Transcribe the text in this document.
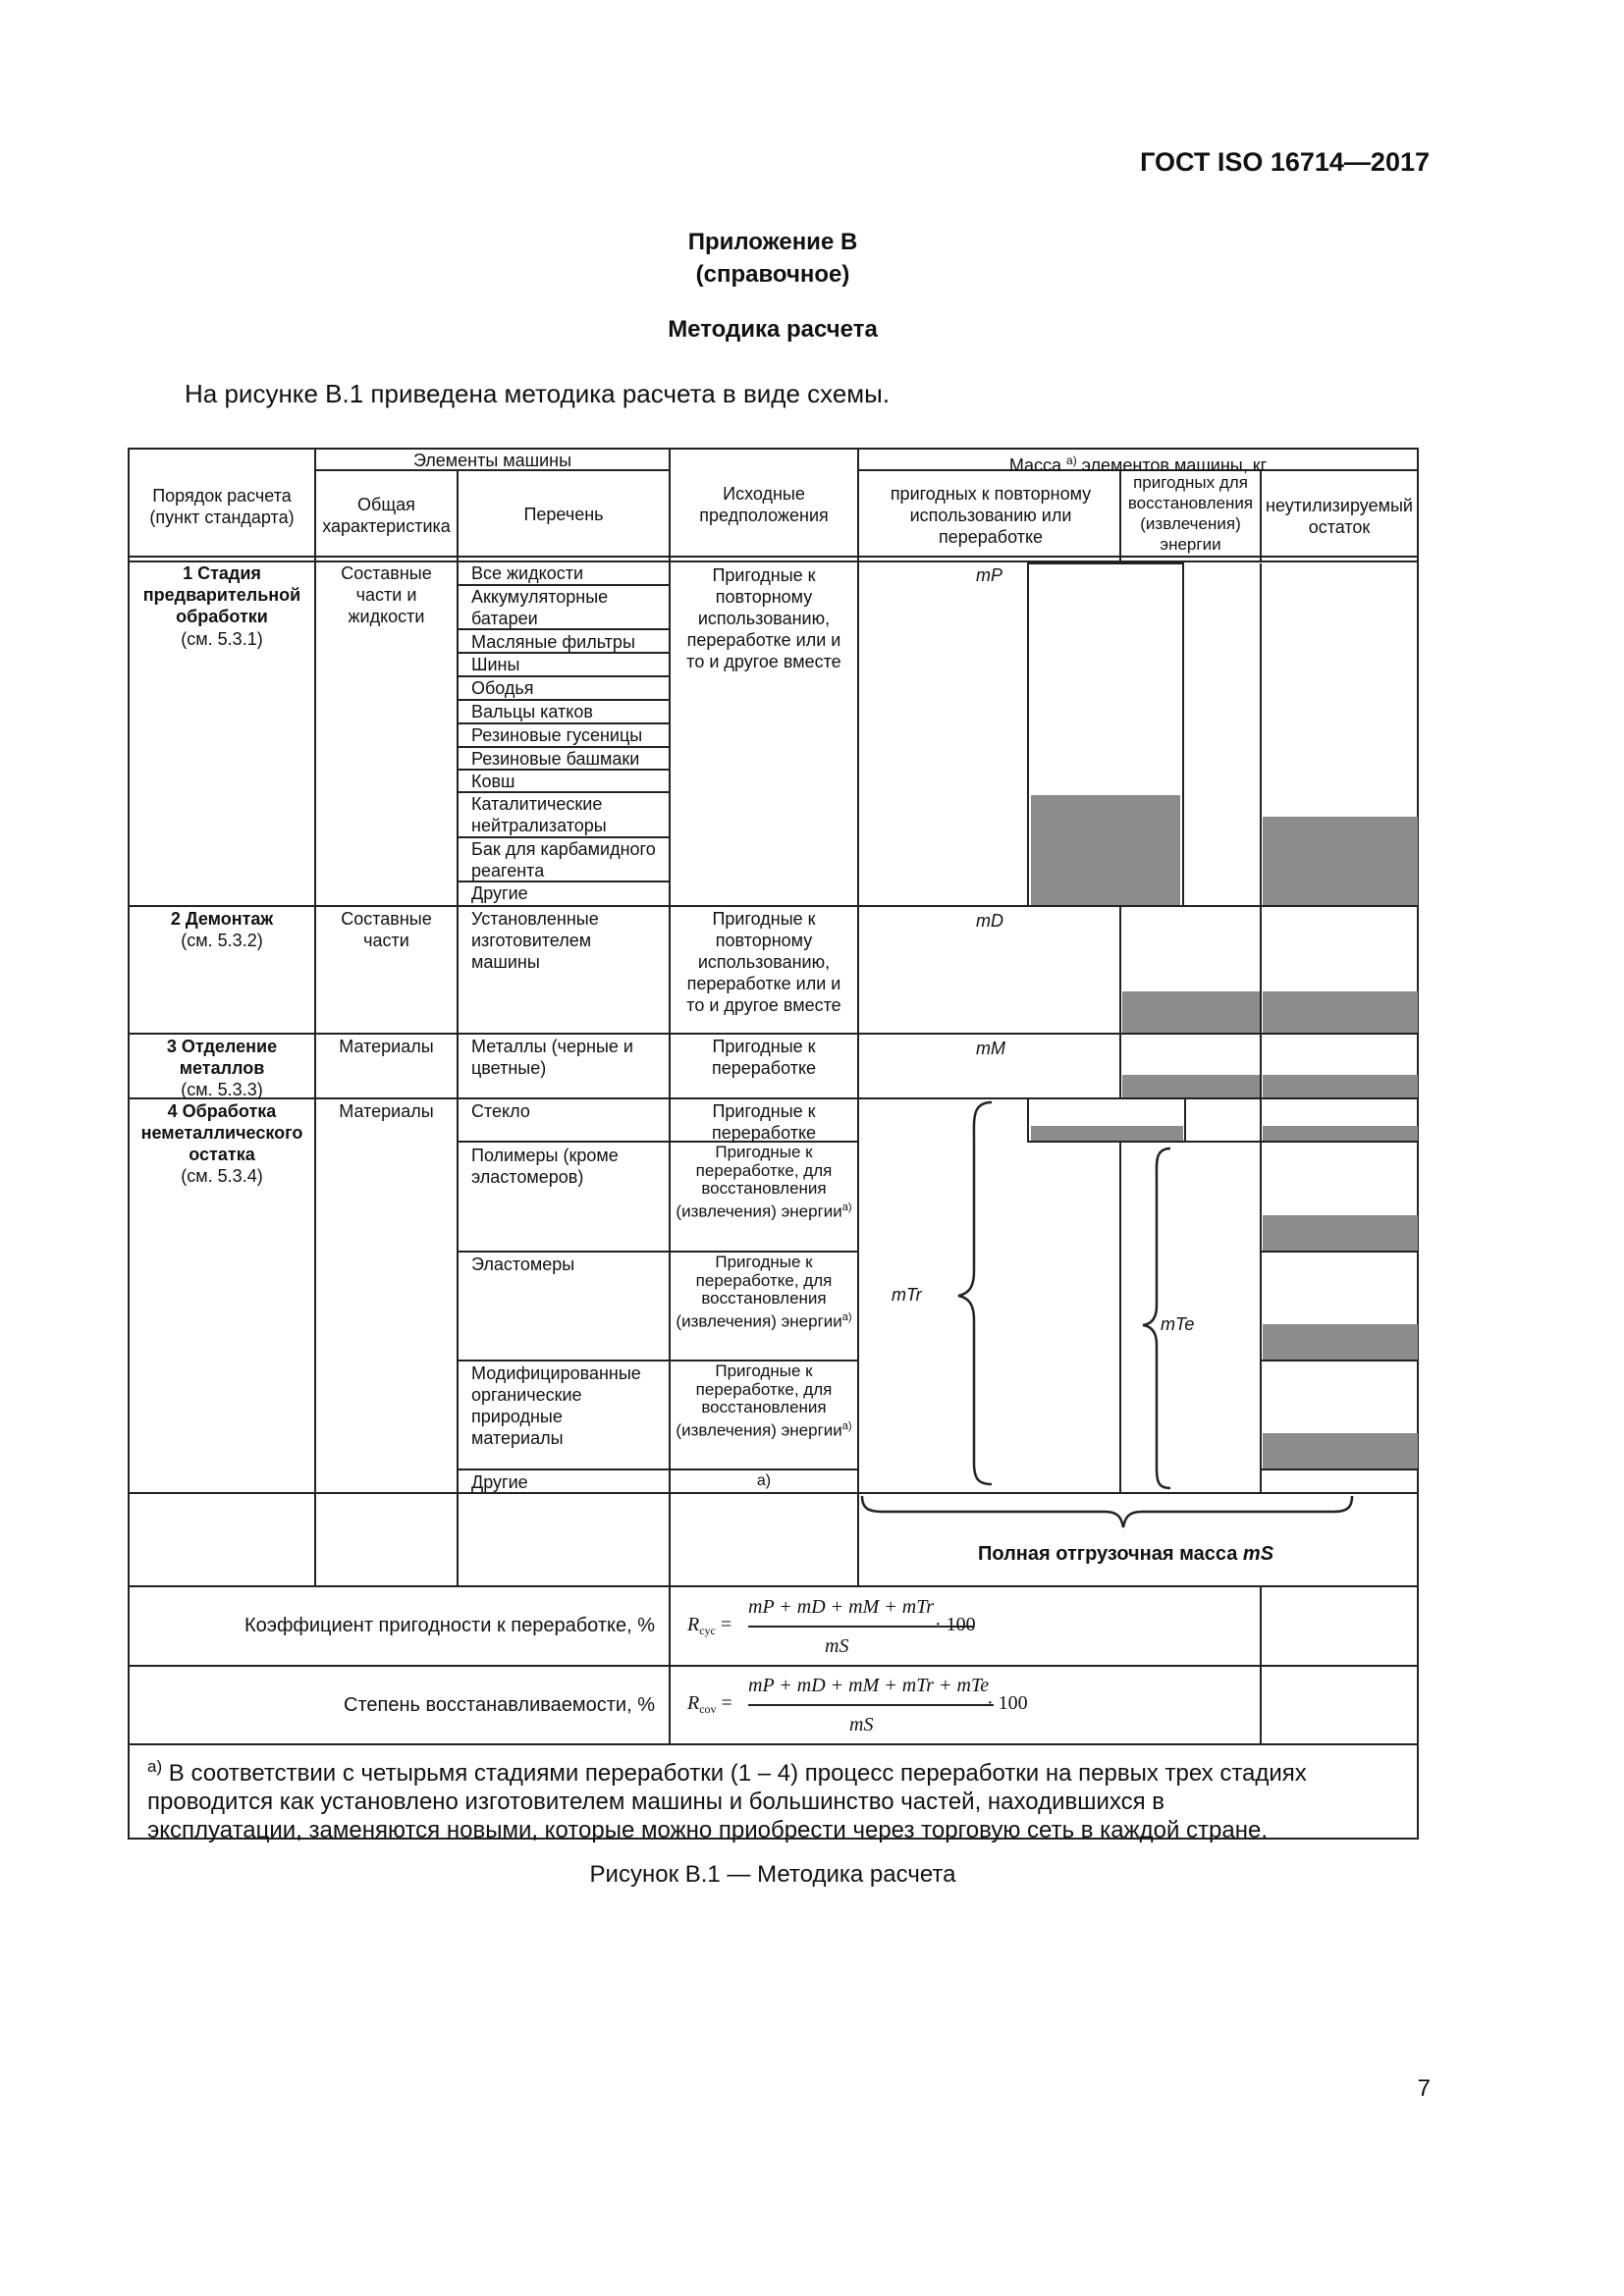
ГОСТ ISO 16714—2017
Приложение В
(справочное)
Методика расчета
На рисунке В.1 приведена методика расчета в виде схемы.
Порядок расчета (пункт стандарта)
Элементы машины
Общая характеристика
Перечень
Исходные предположения
Масса $^{а)}$ элементов машины, кг
пригодных к повторному использованию или переработке
пригодных для восстановления (извлечения) энергии
неутилизируемый остаток
1 Стадия предварительной обработки
(см. 5.3.1)
Составные части и жидкости
Все жидкости
Аккумуляторные батареи
Масляные фильтры
Шины
Ободья
Вальцы катков
Резиновые гусеницы
Резиновые башмаки
Ковш
Каталитические нейтрализаторы
Бак для карбамидного реагента
Другие
Пригодные к повторному использованию, переработке или и то и другое вместе
mP
2 Демонтаж
(см. 5.3.2)
Составные части
Установленные изготовителем машины
Пригодные к повторному использованию, переработке или и то и другое вместе
mD
3 Отделение металлов
(см. 5.3.3)
Материалы	Металлы (черные и цветные)
Пригодные к переработке
mM
4 Обработка неметаллического остатка
(см. 5.3.4)
Материалы	Стекло
Полимеры (кроме эластомеров)
Эластомеры
Модифицированные органические природные материалы
Другие
Пригодные к переработке
Пригодные к переработке, для восстановления (извлечения) энергии$^{а)}$
Пригодные к переработке, для восстановления (извлечения) энергии$^{а)}$
Пригодные к переработке, для восстановления (извлечения) энергии$^{а)}$
а)
mTr
mTe
Полная отгрузочная масса mS
Коэффициент пригодности к переработке, % $R_{cyc}$ =
mP + mD + mM + mTr
mS
· 100
Степень восстанавливаемости, % $R_{cov}$ =
mP + mD + mM + mTr + mTe
mS
· 100
$^{а)}$ В соответствии с четырьмя стадиями переработки (1 – 4) процесс переработки на первых трех стадиях проводится как установлено изготовителем машины и большинство частей, находившихся в эксплуатации, заменяются новыми, которые можно приобрести через торговую сеть в каждой стране.
Рисунок В.1 — Методика расчета
7
